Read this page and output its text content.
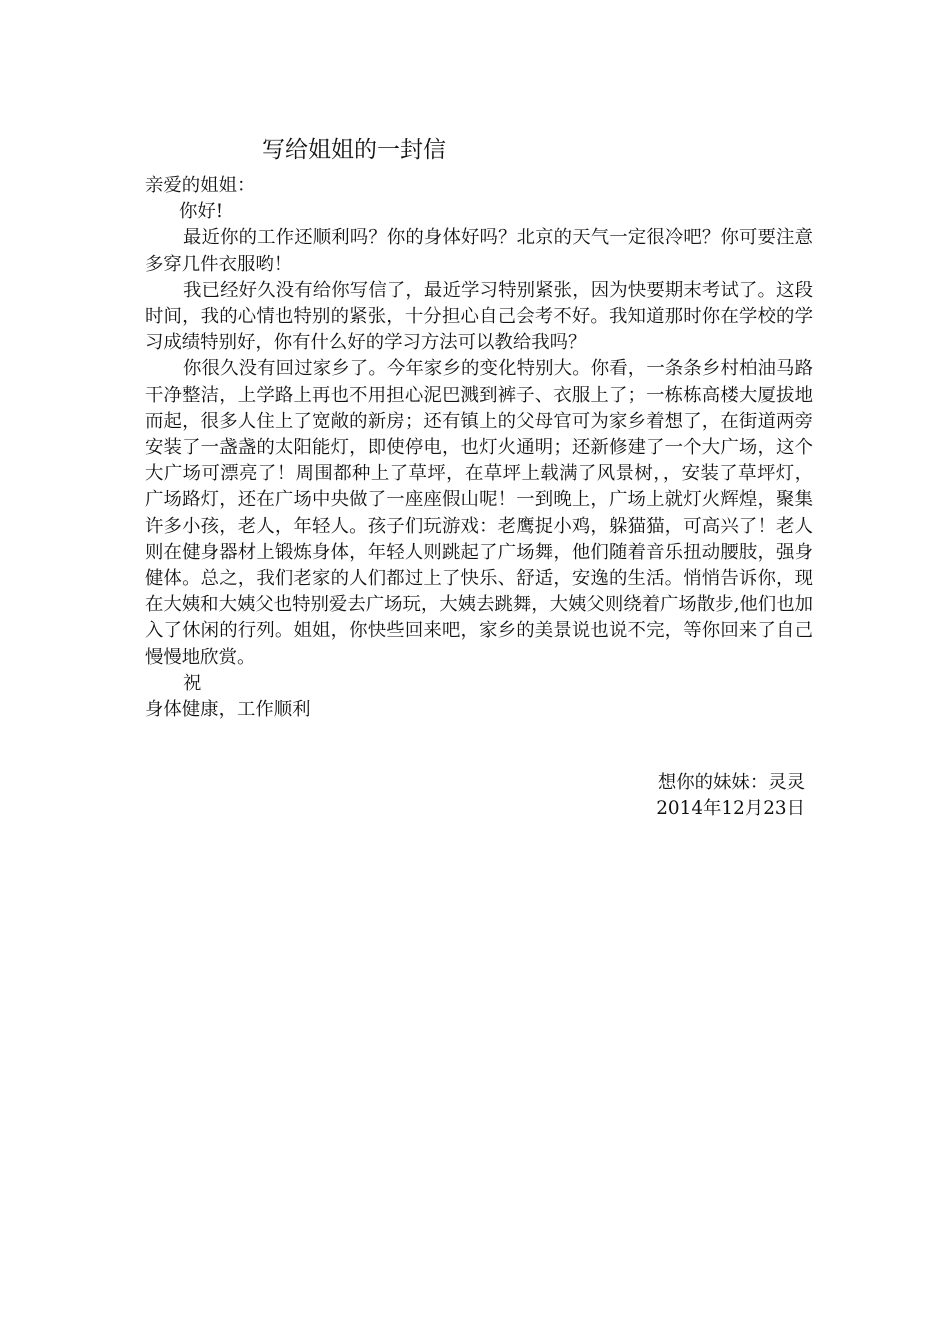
写给姐姐的一封信

亲爱的姐姐：

你好!

最近你的工作还顺利吗？你的身体好吗？北京的天气一定很冷吧？你可要注意多穿几件衣服哟！

我已经好久没有给你写信了，最近学习特别紧张，因为快要期末考试了。这段时间，我的心情也特别的紧张，十分担心自己会考不好。我知道那时你在学校的学习成绩特别好，你有什么好的学习方法可以教给我吗？

你很久没有回过家乡了。今年家乡的变化特别大。你看，一条条乡村柏油马路干净整洁，上学路上再也不用担心泥巴溅到裤子、衣服上了；一栋栋高楼大厦拔地而起，很多人住上了宽敞的新房；还有镇上的父母官可为家乡着想了，在街道两旁安装了一盏盏的太阳能灯，即使停电，也灯火通明；还新修建了一个大广场，这个大广场可漂亮了！周围都种上了草坪，在草坪上载满了风景树，，安装了草坪灯，广场路灯，还在广场中央做了一座座假山呢！一到晚上，广场上就灯火辉煌，聚集许多小孩，老人，年轻人。孩子们玩游戏：老鹰捉小鸡，躲猫猫，可高兴了！老人则在健身器材上锻炼身体，年轻人则跳起了广场舞，他们随着音乐扭动腰肢，强身健体。总之，我们老家的人们都过上了快乐、舒适，安逸的生活。悄悄告诉你，现在大姨和大姨父也特别爱去广场玩，大姨去跳舞，大姨父则绕着广场散步,他们也加入了休闲的行列。姐姐，你快些回来吧，家乡的美景说也说不完，等你回来了自己慢慢地欣赏。

祝

身体健康，工作顺利

想你的妹妹：灵灵

2014年12月23日
